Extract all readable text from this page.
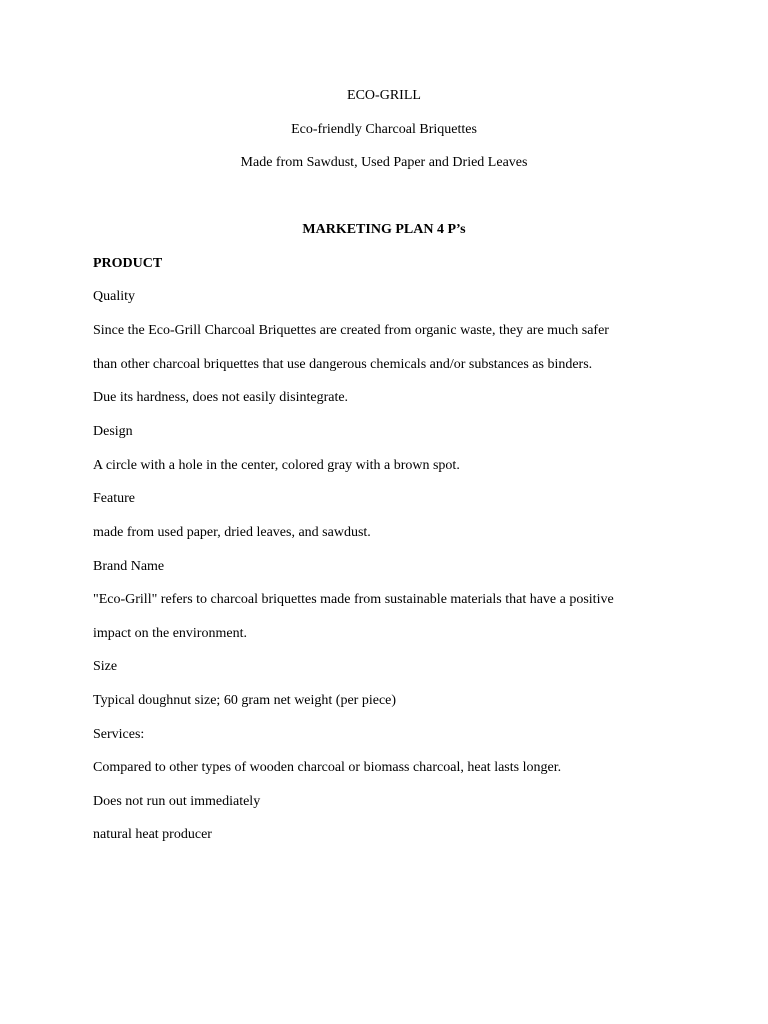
ECO-GRILL
Eco-friendly Charcoal Briquettes
Made from Sawdust, Used Paper and Dried Leaves
MARKETING PLAN 4 P’s
PRODUCT
Quality
Since the Eco-Grill Charcoal Briquettes are created from organic waste, they are much safer
than other charcoal briquettes that use dangerous chemicals and/or substances as binders.
Due its hardness, does not easily disintegrate.
Design
A circle with a hole in the center, colored gray with a brown spot.
Feature
made from used paper, dried leaves, and sawdust.
Brand Name
"Eco-Grill" refers to charcoal briquettes made from sustainable materials that have a positive
impact on the environment.
Size
Typical doughnut size; 60 gram net weight (per piece)
Services:
Compared to other types of wooden charcoal or biomass charcoal, heat lasts longer.
Does not run out immediately
natural heat producer
